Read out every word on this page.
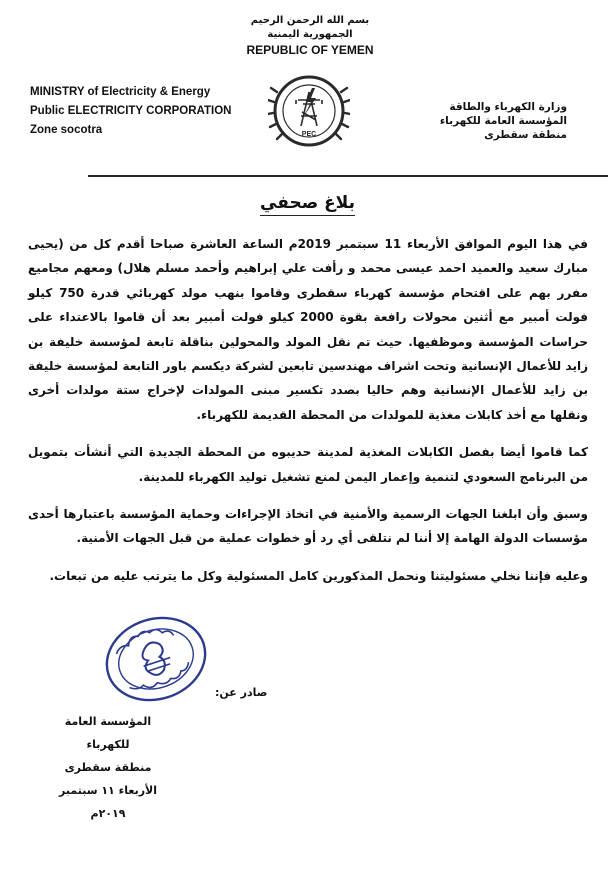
بسم الله الرحمن الرحيم
الجمهورية اليمنية
REPUBLIC OF YEMEN
MINISTRY of Electricity & Energy
Public ELECTRICITY CORPORATION
Zone socotra
وزارة الكهرباء والطاقة
المؤسسة العامة للكهرباء
منطقة سقطرى
PEC
بلاغ صحفي

في هذا اليوم الموافق الأربعاء 11 سبتمبر 2019م الساعة العاشرة صباحا أقدم كل من (يحيى مبارك سعيد والعميد احمد عيسى محمد و رأفت علي إبراهيم وأحمد مسلم هلال) ومعهم مجاميع مفرر بهم على اقتحام مؤسسة كهرباء سقطرى وقاموا بنهب مولد كهربائي قدرة 750 كيلو فولت أمبير مع أثنين محولات رافعة بقوة 2000 كيلو فولت أمبير بعد أن قاموا بالاعتداء على حراسات المؤسسة وموظفيها. حيث تم نقل المولد والمحولين بناقلة تابعة لمؤسسة خليفة بن زايد للأعمال الإنسانية وتحت اشراف مهندسين تابعين لشركة ديكسم باور التابعة لمؤسسة خليفة بن زايد للأعمال الإنسانية وهم حاليا بصدد تكسير مبنى المولدات لإخراج ستة مولدات أخرى ونقلها مع أخذ كابلات مغذية للمولدات من المحطة القديمة للكهرباء.

كما قاموا أيضا بفصل الكابلات المغذية لمدينة حديبوه من المحطة الجديدة التي أنشأت بتمويل من البرنامج السعودي لتنمية وإعمار اليمن لمنع تشغيل توليد الكهرباء للمدينة.

وسبق وأن ابلغنا الجهات الرسمية والأمنية في اتخاذ الإجراءات وحماية المؤسسة باعتبارها أحدى مؤسسات الدولة الهامة إلا أننا لم نتلقى أي رد أو خطوات عملية من قبل الجهات الأمنية.

وعليه فإننا نخلي مسئوليتنا ونحمل المذكورين كامل المسئولية وكل ما يترتب عليه من تبعات.

صادر عن:
المؤسسة العامة للكهرباء
منطقة سقطرى
الأربعاء ١١ سبتمبر ٢٠١٩م
